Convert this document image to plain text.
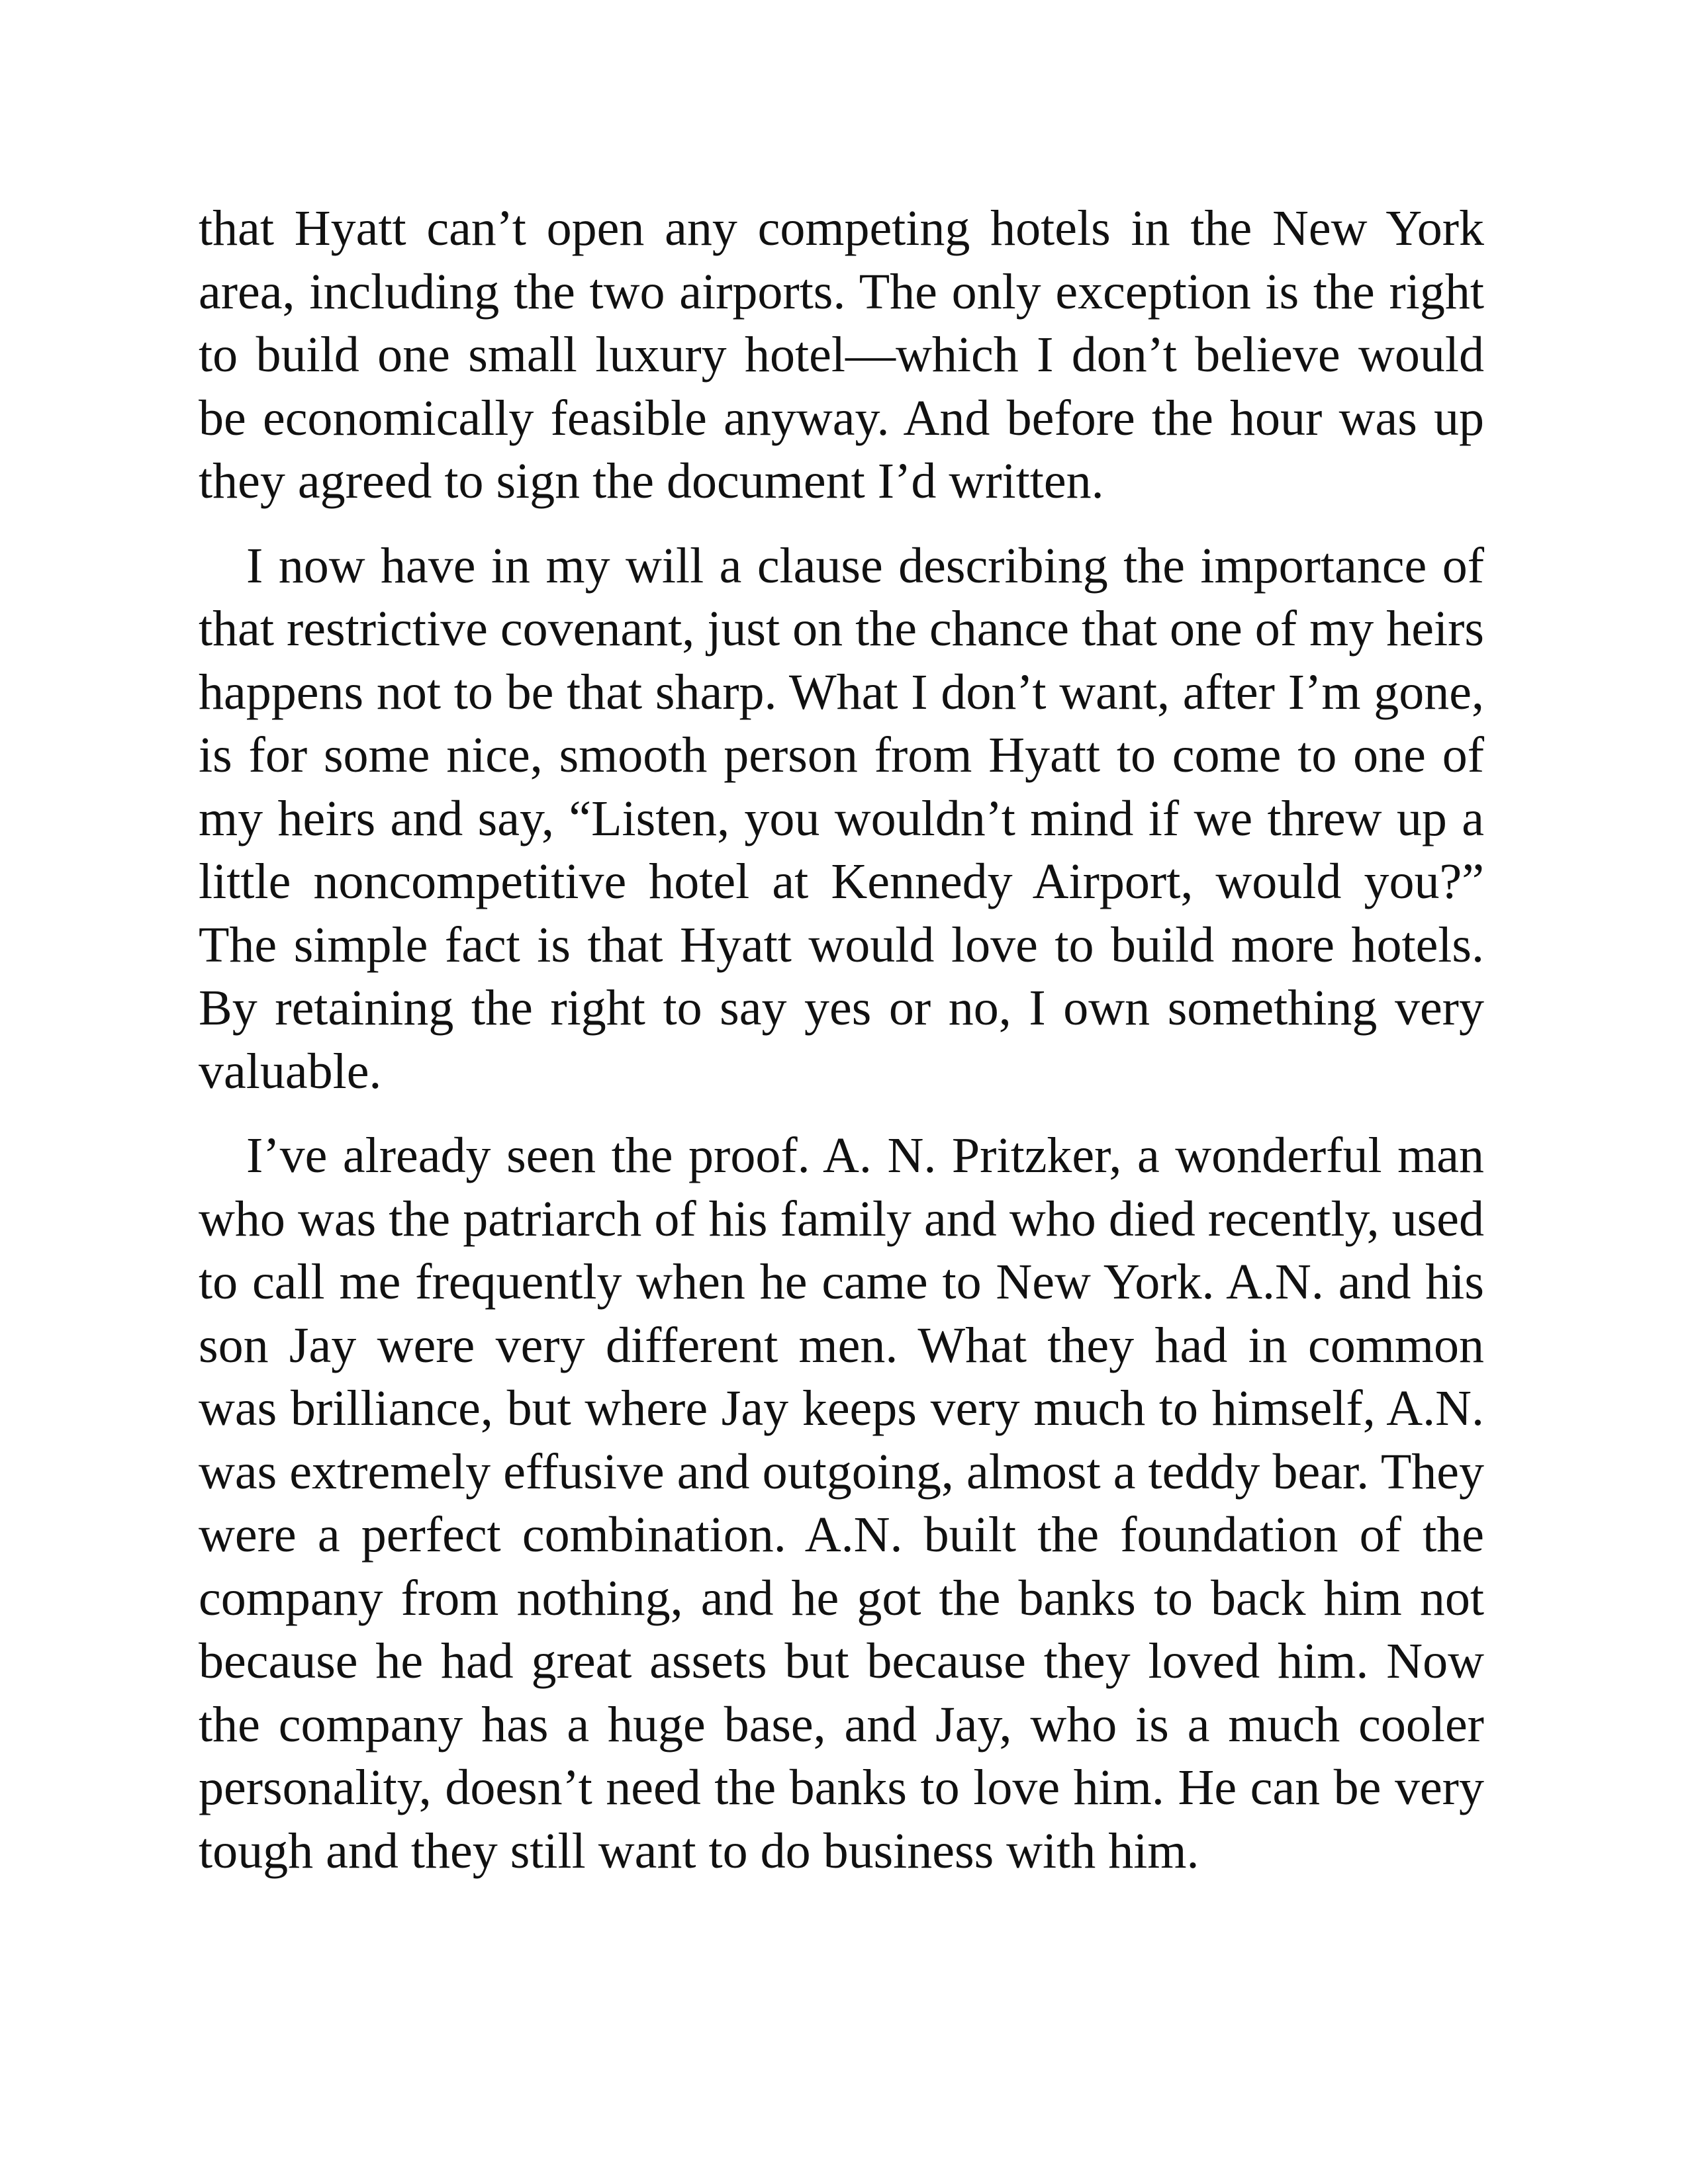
that Hyatt can’t open any competing hotels in the New York area, including the two airports. The only exception is the right to build one small luxury hotel—which I don’t believe would be economically feasible anyway. And before the hour was up they agreed to sign the document I’d written.

I now have in my will a clause describing the importance of that restrictive covenant, just on the chance that one of my heirs happens not to be that sharp. What I don’t want, after I’m gone, is for some nice, smooth person from Hyatt to come to one of my heirs and say, “Listen, you wouldn’t mind if we threw up a little noncompetitive hotel at Kennedy Airport, would you?” The simple fact is that Hyatt would love to build more hotels. By retaining the right to say yes or no, I own something very valuable.

I’ve already seen the proof. A. N. Pritzker, a wonderful man who was the patriarch of his family and who died recently, used to call me frequently when he came to New York. A.N. and his son Jay were very different men. What they had in common was brilliance, but where Jay keeps very much to himself, A.N. was extremely effusive and outgoing, almost a teddy bear. They were a perfect combination. A.N. built the foundation of the company from nothing, and he got the banks to back him not because he had great assets but because they loved him. Now the company has a huge base, and Jay, who is a much cooler personality, doesn’t need the banks to love him. He can be very tough and they still want to do business with him.
